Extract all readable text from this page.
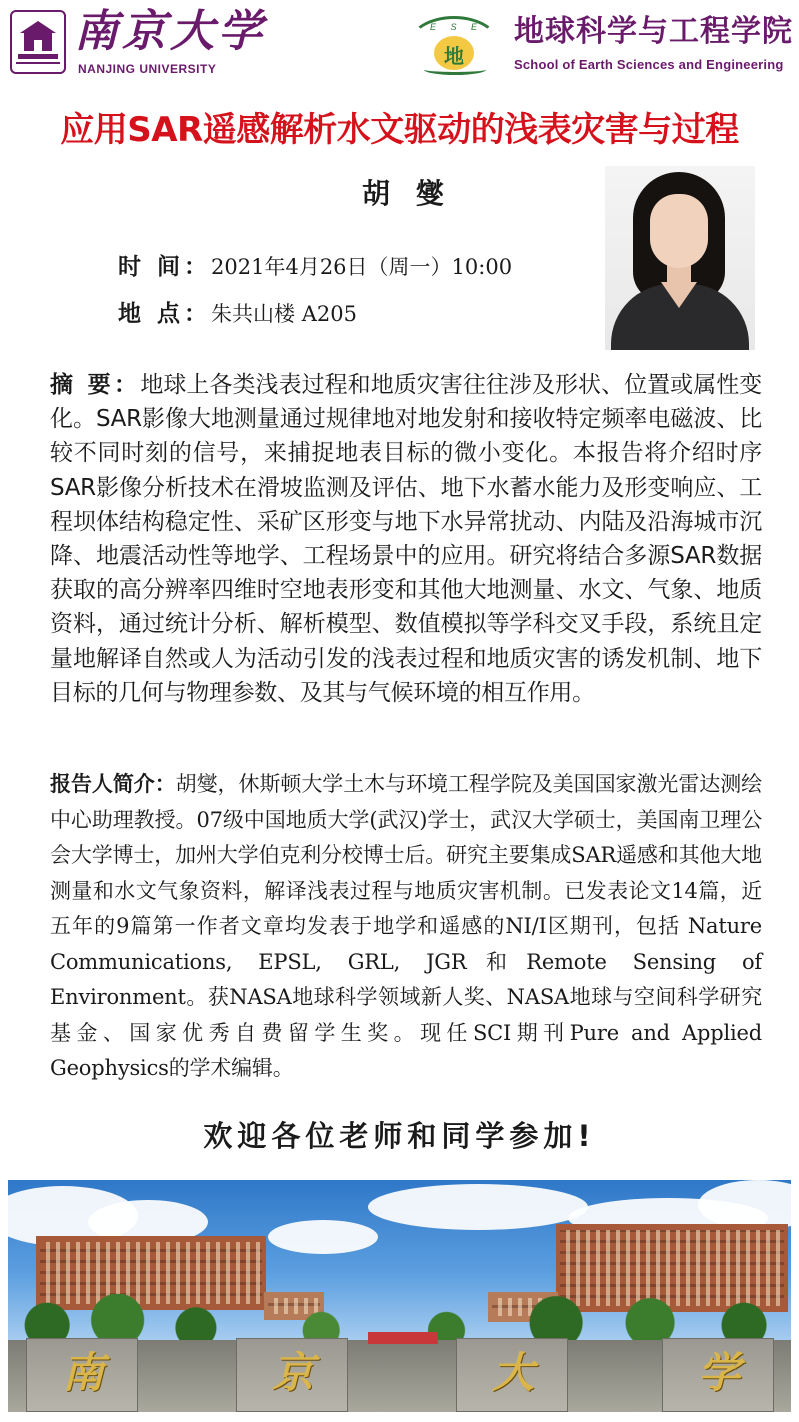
南京大学
NANJING UNIVERSITY
E S E
地
地球科学与工程学院
School of Earth Sciences and Engineering
应用SAR遥感解析水文驱动的浅表灾害与过程
胡 燮
时 间：2021年4月26日（周一）10:00
地 点：朱共山楼 A205
摘 要：地球上各类浅表过程和地质灾害往往涉及形状、位置或属性变化。SAR影像大地测量通过规律地对地发射和接收特定频率电磁波、比较不同时刻的信号，来捕捉地表目标的微小变化。本报告将介绍时序SAR影像分析技术在滑坡监测及评估、地下水蓄水能力及形变响应、工程坝体结构稳定性、采矿区形变与地下水异常扰动、内陆及沿海城市沉降、地震活动性等地学、工程场景中的应用。研究将结合多源SAR数据获取的高分辨率四维时空地表形变和其他大地测量、水文、气象、地质资料，通过统计分析、解析模型、数值模拟等学科交叉手段，系统且定量地解译自然或人为活动引发的浅表过程和地质灾害的诱发机制、地下目标的几何与物理参数、及其与气候环境的相互作用。
报告人简介：胡燮，休斯顿大学土木与环境工程学院及美国国家激光雷达测绘中心助理教授。07级中国地质大学(武汉)学士，武汉大学硕士，美国南卫理公会大学博士，加州大学伯克利分校博士后。研究主要集成SAR遥感和其他大地测量和水文气象资料，解译浅表过程与地质灾害机制。已发表论文14篇，近五年的9篇第一作者文章均发表于地学和遥感的NI/I区期刊，包括 Nature Communications, EPSL, GRL, JGR和Remote Sensing of Environment。获NASA地球科学领域新人奖、NASA地球与空间科学研究基金、国家优秀自费留学生奖。现任SCI期刊Pure and Applied Geophysics的学术编辑。
欢迎各位老师和同学参加!
南	京	大	学
